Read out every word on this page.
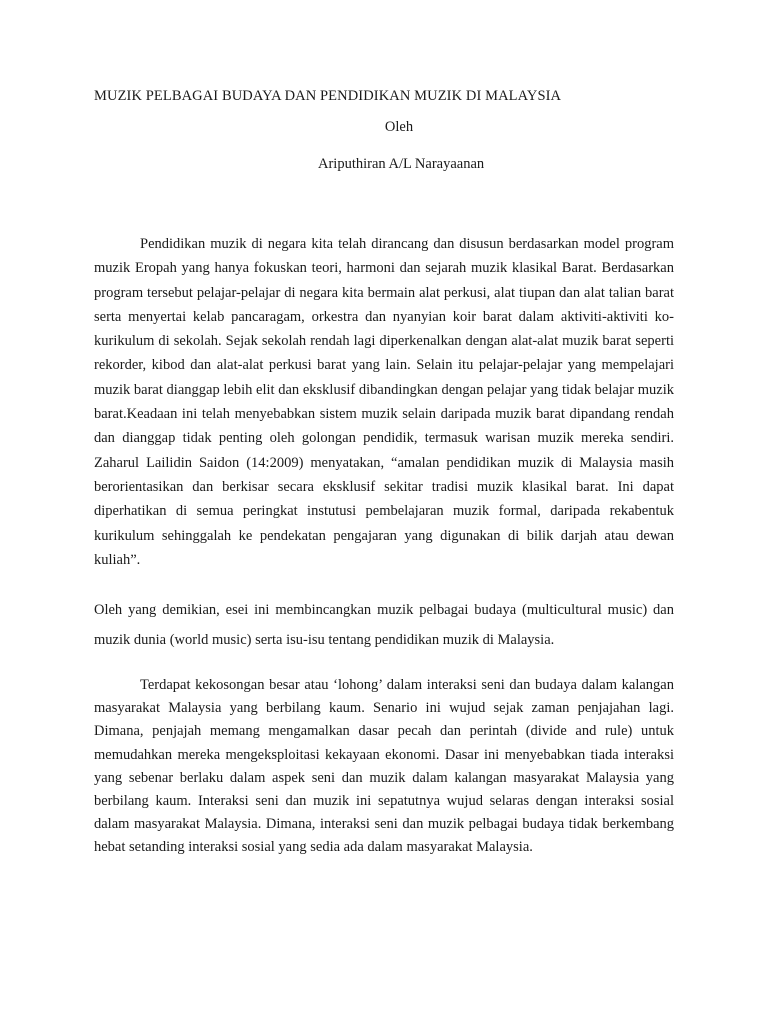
MUZIK PELBAGAI BUDAYA DAN PENDIDIKAN MUZIK DI MALAYSIA
Oleh
Ariputhiran A/L Narayaanan

Pendidikan muzik di negara kita telah dirancang dan disusun berdasarkan model program muzik Eropah yang hanya fokuskan teori, harmoni dan sejarah muzik klasikal Barat. Berdasarkan program tersebut pelajar-pelajar di negara kita bermain alat perkusi, alat tiupan dan alat talian barat serta menyertai kelab pancaragam, orkestra dan nyanyian koir barat dalam aktiviti-aktiviti ko-kurikulum di sekolah. Sejak sekolah rendah lagi diperkenalkan dengan alat-alat muzik barat seperti rekorder, kibod dan alat-alat perkusi barat yang lain. Selain itu pelajar-pelajar yang mempelajari muzik barat dianggap lebih elit dan eksklusif dibandingkan dengan pelajar yang tidak belajar muzik barat.Keadaan ini telah menyebabkan sistem muzik selain daripada muzik barat dipandang rendah dan dianggap tidak penting oleh golongan pendidik, termasuk warisan muzik mereka sendiri. Zaharul Lailidin Saidon (14:2009) menyatakan, “amalan pendidikan muzik di Malaysia masih berorientasikan dan berkisar secara eksklusif sekitar tradisi muzik klasikal barat. Ini dapat diperhatikan di semua peringkat instutusi pembelajaran muzik formal, daripada rekabentuk kurikulum sehinggalah ke pendekatan pengajaran yang digunakan di bilik darjah atau dewan kuliah”.

Oleh yang demikian, esei ini membincangkan muzik pelbagai budaya (multicultural music) dan muzik dunia (world music) serta isu-isu tentang pendidikan muzik di Malaysia.

Terdapat kekosongan besar atau ‘lohong’ dalam interaksi seni dan budaya dalam kalangan masyarakat Malaysia yang berbilang kaum. Senario ini wujud sejak zaman penjajahan lagi. Dimana, penjajah memang mengamalkan dasar pecah dan perintah (divide and rule) untuk memudahkan mereka mengeksploitasi kekayaan ekonomi. Dasar ini menyebabkan tiada interaksi yang sebenar berlaku dalam aspek seni dan muzik dalam kalangan masyarakat Malaysia yang berbilang kaum. Interaksi seni dan muzik ini sepatutnya wujud selaras dengan interaksi sosial dalam masyarakat Malaysia. Dimana, interaksi seni dan muzik pelbagai budaya tidak berkembang hebat setanding interaksi sosial yang sedia ada dalam masyarakat Malaysia.
